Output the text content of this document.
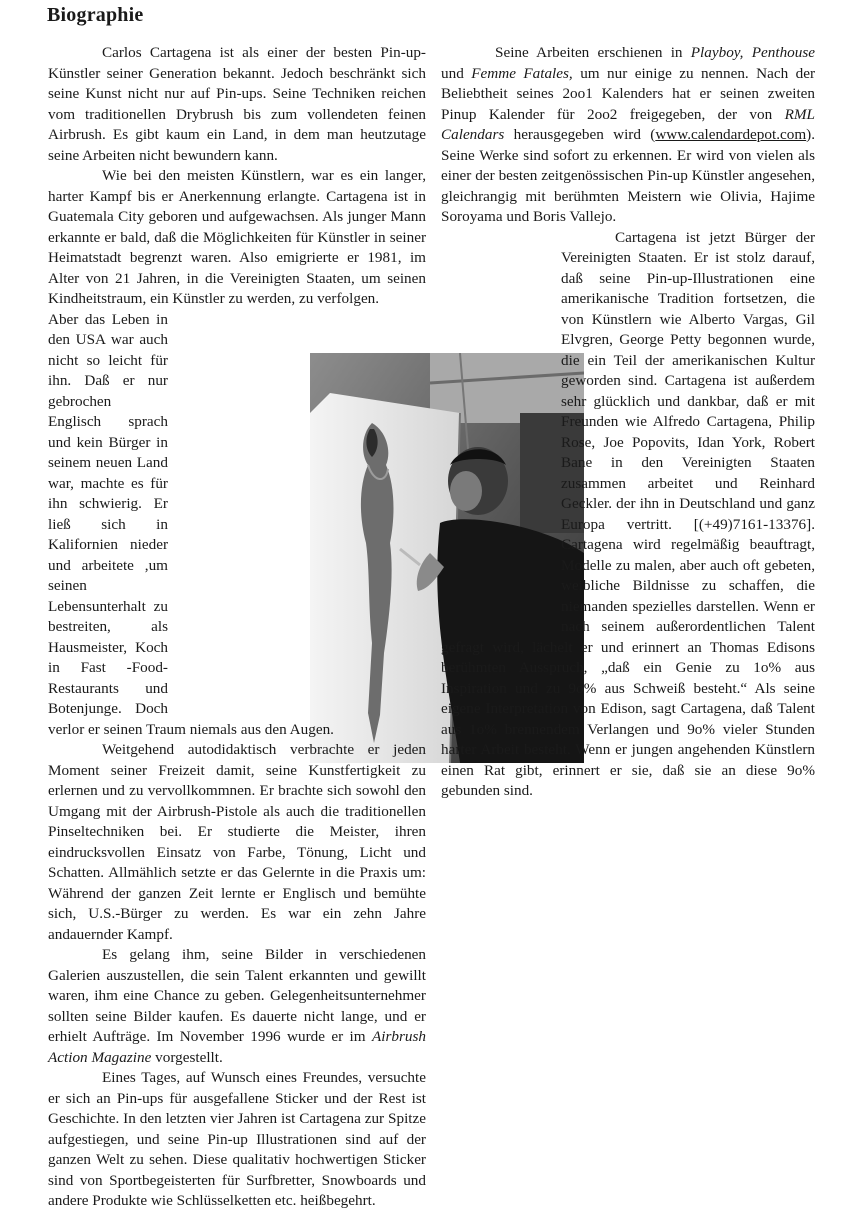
Biographie

Carlos Cartagena ist als einer der besten Pin-up-Künstler seiner Generation bekannt. Jedoch beschränkt sich seine Kunst nicht nur auf Pin-ups. Seine Techniken reichen vom traditionellen Drybrush bis zum vollendeten feinen Airbrush. Es gibt kaum ein Land, in dem man heutzutage seine Arbeiten nicht bewundern kann.

Wie bei den meisten Künstlern, war es ein langer, harter Kampf bis er Anerkennung erlangte. Cartagena ist in Guatemala City geboren und aufgewachsen. Als junger Mann erkannte er bald, daß die Möglichkeiten für Künstler in seiner Heimatstadt begrenzt waren. Also emigrierte er 1981, im Alter von 21 Jahren, in die Vereinigten Staaten, um seinen Kindheitstraum, ein Künstler zu werden, zu verfolgen.

Aber das Leben in den USA war auch nicht so leicht für ihn. Daß er nur gebrochen Englisch sprach und kein Bürger in seinem neuen Land war, machte es für ihn schwierig. Er ließ sich in Kalifornien nieder und arbeitete ,um seinen Lebensunterhalt zu bestreiten, als Hausmeister, Koch in Fast -Food-Restaurants und Botenjunge. Doch verlor er seinen Traum niemals aus den Augen.

Weitgehend autodidaktisch verbrachte er jeden Moment seiner Freizeit damit, seine Kunstfertigkeit zu erlernen und zu vervollkommnen. Er brachte sich sowohl den Umgang mit der Airbrush-Pistole als auch die traditionellen Pinseltechniken bei. Er studierte die Meister, ihren eindrucksvollen Einsatz von Farbe, Tönung, Licht und Schatten. Allmählich setzte er das Gelernte in die Praxis um: Während der ganzen Zeit lernte er Englisch und bemühte sich, U.S.-Bürger zu werden. Es war ein zehn Jahre andauernder Kampf.

Es gelang ihm, seine Bilder in verschiedenen Galerien auszustellen, die sein Talent erkannten und gewillt waren, ihm eine Chance zu geben. Gelegenheitsunternehmer sollten seine Bilder kaufen. Es dauerte nicht lange, und er erhielt Aufträge. Im November 1996 wurde er im Airbrush Action Magazine vorgestellt.

Eines Tages, auf Wunsch eines Freundes, versuchte er sich an Pin-ups für ausgefallene Sticker und der Rest ist Geschichte. In den letzten vier Jahren ist Cartagena zur Spitze aufgestiegen, und seine Pin-up Illustrationen sind auf der ganzen Welt zu sehen. Diese qualitativ hochwertigen Sticker sind von Sportbegeisterten für Surfbretter, Snowboards und andere Produkte wie Schlüsselketten etc. heißbegehrt.

Seine Arbeiten erschienen in Playboy, Penthouse und Femme Fatales, um nur einige zu nennen. Nach der Beliebtheit seines 2oo1 Kalenders hat er seinen zweiten Pinup Kalender für 2oo2 freigegeben, der von RML Calendars herausgegeben wird (www.calendardepot.com). Seine Werke sind sofort zu erkennen. Er wird von vielen als einer der besten zeitgenössischen Pin-up Künstler angesehen, gleichrangig mit berühmten Meistern wie Olivia, Hajime Soroyama und Boris Vallejo.

Cartagena ist jetzt Bürger der Vereinigten Staaten. Er ist stolz darauf, daß seine Pin-up-Illustrationen eine amerikanische Tradition fortsetzen, die von Künstlern wie Alberto Vargas, Gil Elvgren, George Petty begonnen wurde, die ein Teil der amerikanischen Kultur geworden sind. Cartagena ist außerdem sehr glücklich und dankbar, daß er mit Freunden wie Alfredo Cartagena, Philip Rose, Joe Popovits, Idan York, Robert Bane in den Vereinigten Staaten zusammen arbeitet und Reinhard Geckler. der ihn in Deutschland und ganz Europa vertritt. [(+49)7161-13376]. Cartagena wird regelmäßig beauftragt, Modelle zu malen, aber auch oft gebeten, weibliche Bildnisse zu schaffen, die niemanden spezielles darstellen. Wenn er nach seinem außerordentlichen Talent gefragt wird, lächelt er und erinnert an Thomas Edisons berühmten Ausspruch, „daß ein Genie zu 1o% aus Inspiration und zu 9o% aus Schweiß besteht.“ Als seine eigene Interpretation von Edison, sagt Cartagena, daß Talent aus 1o% brennendem Verlangen und 9o% vieler Stunden harter Arbeit besteht. Wenn er jungen angehenden Künstlern einen Rat gibt, erinnert er sie, daß sie an diese 9o% gebunden sind.
